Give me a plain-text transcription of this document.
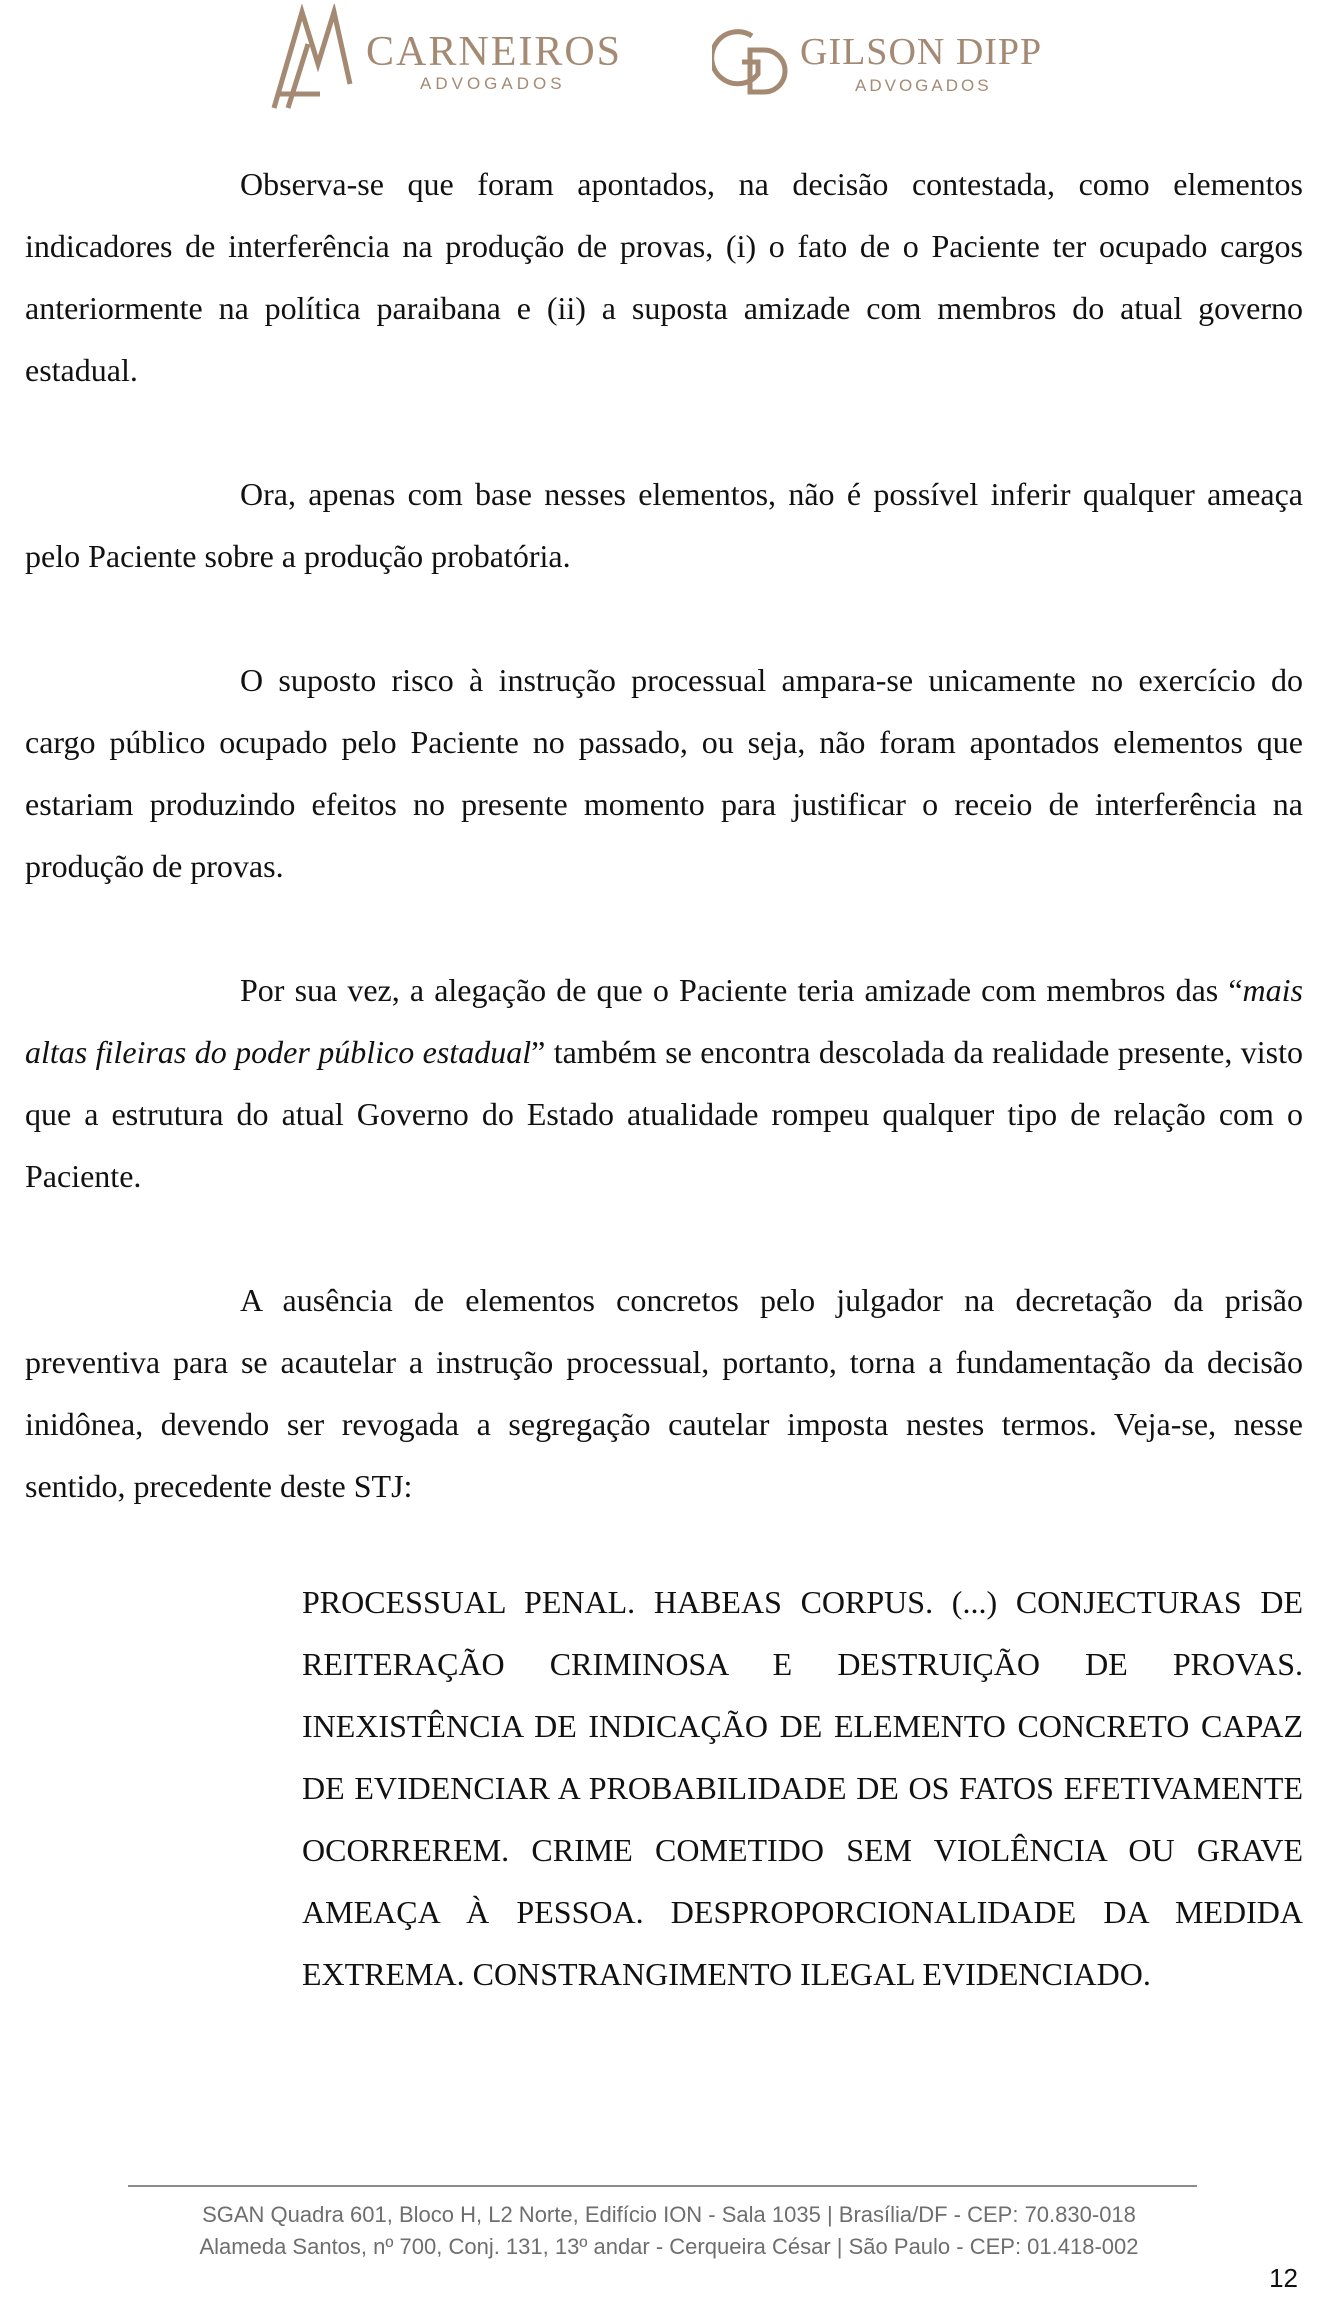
CARNEIROS
ADVOGADOS
GILSON DIPP
ADVOGADOS

Observa-se que foram apontados, na decisão contestada, como elementos indicadores de interferência na produção de provas, (i) o fato de o Paciente ter ocupado cargos anteriormente na política paraibana e (ii) a suposta amizade com membros do atual governo estadual.

Ora, apenas com base nesses elementos, não é possível inferir qualquer ameaça pelo Paciente sobre a produção probatória.

O suposto risco à instrução processual ampara-se unicamente no exercício do cargo público ocupado pelo Paciente no passado, ou seja, não foram apontados elementos que estariam produzindo efeitos no presente momento para justificar o receio de interferência na produção de provas.

Por sua vez, a alegação de que o Paciente teria amizade com membros das “mais altas fileiras do poder público estadual” também se encontra descolada da realidade presente, visto que a estrutura do atual Governo do Estado atualidade rompeu qualquer tipo de relação com o Paciente.

A ausência de elementos concretos pelo julgador na decretação da prisão preventiva para se acautelar a instrução processual, portanto, torna a fundamentação da decisão inidônea, devendo ser revogada a segregação cautelar imposta nestes termos. Veja-se, nesse sentido, precedente deste STJ:

PROCESSUAL PENAL. HABEAS CORPUS. (...) CONJECTURAS DE REITERAÇÃO CRIMINOSA E DESTRUIÇÃO DE PROVAS. INEXISTÊNCIA DE INDICAÇÃO DE ELEMENTO CONCRETO CAPAZ DE EVIDENCIAR A PROBABILIDADE DE OS FATOS EFETIVAMENTE OCORREREM. CRIME COMETIDO SEM VIOLÊNCIA OU GRAVE AMEAÇA À PESSOA. DESPROPORCIONALIDADE DA MEDIDA EXTREMA. CONSTRANGIMENTO ILEGAL EVIDENCIADO.

SGAN Quadra 601, Bloco H, L2 Norte, Edifício ION - Sala 1035 | Brasília/DF - CEP: 70.830-018
Alameda Santos, nº 700, Conj. 131, 13º andar - Cerqueira César | São Paulo - CEP: 01.418-002
12
